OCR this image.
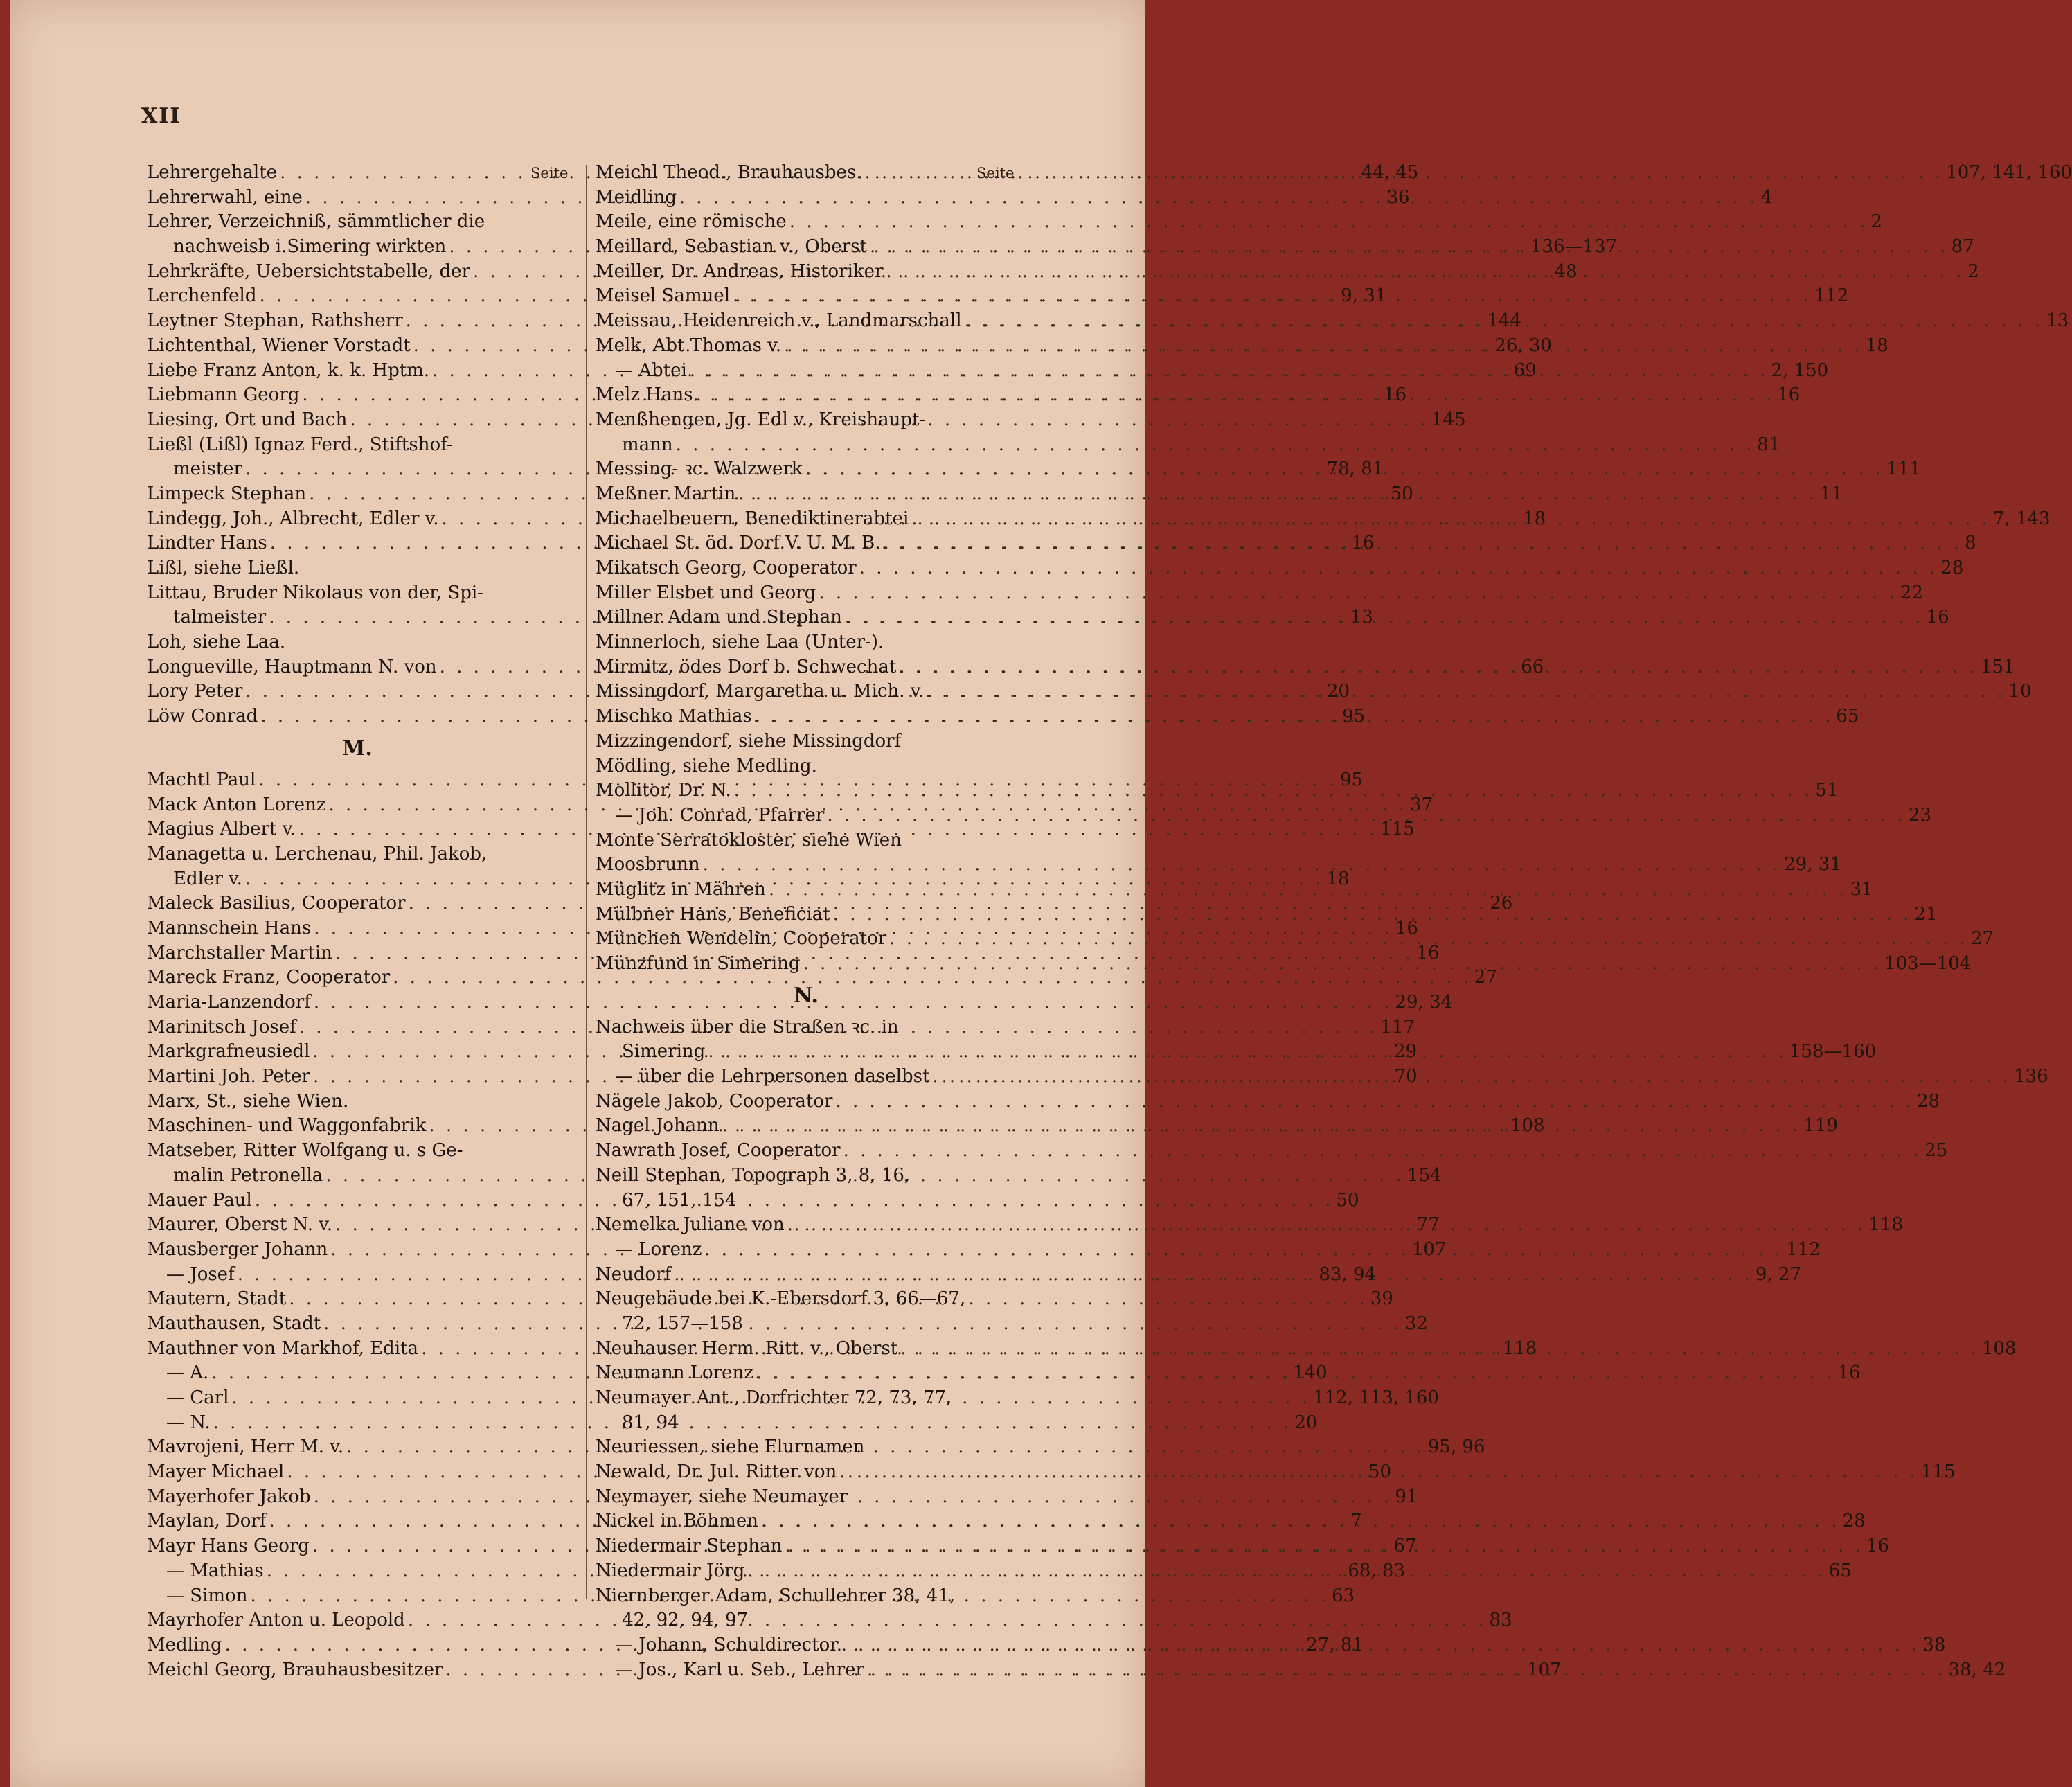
XII
Seite	Seite
Lehrergehalte . . .	44, 45
Lehrerwahl, eine . . .	36
Lehrer, Verzeichniß, sämmtlicher die
nachweisb i.Simering wirkten . . .	136—137
Lehrkräfte, Uebersichtstabelle, der . . .	48
Lerchenfeld . . .	9, 31
Leytner Stephan, Rathsherr . . .	144
Lichtenthal, Wiener Vorstadt . . .	26, 30
Liebe Franz Anton, k. k. Hptm. . . .	69
Liebmann Georg . . .	16
Liesing, Ort und Bach . . .	145
Ließl (Lißl) Ignaz Ferd., Stiftshof-
meister . . .	78, 81
Limpeck Stephan . . .	50
Lindegg, Joh., Albrecht, Edler v. . . .	18
Lindter Hans . . .	16
Lißl, siehe Ließl.
Littau, Bruder Nikolaus von der, Spi-
talmeister . . .	13
Loh, siehe Laa.
Longueville, Hauptmann N. von . . .	66
Lory Peter . . .	20
Löw Conrad . . .	95
M.
Machtl Paul . . .	95
Mack Anton Lorenz . . .	37
Magius Albert v. . . .	115
Managetta u. Lerchenau, Phil. Jakob,
Edler v. . . .	18
Maleck Basilius, Cooperator . . .	26
Mannschein Hans . . .	16
Marchstaller Martin . . .	16
Mareck Franz, Cooperator . . .	27
Maria-Lanzendorf . . .	29, 34
Marinitsch Josef . . .	117
Markgrafneusiedl . . .	29
Martini Joh. Peter . . .	70
Marx, St., siehe Wien.
Maschinen- und Waggonfabrik . . .	108
Matseber, Ritter Wolfgang u. s Ge-
malin Petronella . . .	154
Mauer Paul . . .	50
Maurer, Oberst N. v. . . .	77
Mausberger Johann . . .	107
— Josef . . .	83, 94
Mautern, Stadt . . .	39
Mauthausen, Stadt . . .	32
Mauthner von Markhof, Edita . . .	118
— A. . . .	140
— Carl . . .	112, 113, 160
— N. . . .	20
Mavrojeni, Herr M. v. . . .	95, 96
Mayer Michael . . .	50
Mayerhofer Jakob . . .	91
Maylan, Dorf . . .	7
Mayr Hans Georg . . .	67
— Mathias . . .	68, 83
— Simon . . .	63
Mayrhofer Anton u. Leopold . . .	83
Medling . . .	27, 81
Meichl Georg, Brauhausbesitzer . . .	107
Meichl Theod., Brauhausbes. . . .	107, 141, 160
Meidling . . .	4
Meile, eine römische . . .	2
Meillard, Sebastian v., Oberst . . .	87
Meiller, Dr. Andreas, Historiker . . .	2
Meisel Samuel . . .	112
Meissau, Heidenreich v., Landmarschall . . .	13
Melk, Abt Thomas v. . . .	18
— Abtei . . .	2, 150
Melz Hans . . .	16
Menßhengen, Jg. Edl v., Kreishaupt-
mann . . .	81
Messing- ꝛc. Walzwerk . . .	111
Meßner Martin . . .	11
Michaelbeuern, Benediktinerabtei . . .	7, 143
Michael St. öd. Dorf V. U. M. B. . . .	8
Mikatsch Georg, Cooperator . . .	28
Miller Elsbet und Georg . . .	22
Millner Adam und Stephan . . .	16
Minnerloch, siehe Laa (Unter-).
Mirmitz, ödes Dorf b. Schwechat . . .	151
Missingdorf, Margaretha u. Mich. v. . . .	10
Mischko Mathias . . .	65
Mizzingendorf, siehe Missingdorf
Mödling, siehe Medling.
Mollitor, Dr. N. . . .	51
— Joh. Conrad, Pfarrer . . .	23
Monte Serratokloster, siehe Wien
Moosbrunn . . .	29, 31
Müglitz in Mähren . . .	31
Mülbner Hans, Beneficiat . . .	21
München Wendelin, Cooperator . . .	27
Münzfund in Simering . . .	103—104
N.
Nachweis über die Straßen ꝛc. in
Simering . . .	158—160
— über die Lehrpersonen daselbst . . .	136
Nägele Jakob, Cooperator . . .	28
Nagel Johann . . .	119
Nawrath Josef, Cooperator . . .	25
Neill Stephan, Topograph 3, 8, 16,
67, 151, 154
Nemelka Juliane von . . .	118
— Lorenz . . .	112
Neudorf . . .	9, 27
Neugebäude bei K.-Ebersdorf 3, 66—67,
72, 157—158
Neuhauser Herm. Ritt. v., Oberst . . .	108
Neumann Lorenz . . .	16
Neumayer Ant., Dorfrichter 72, 73, 77,
81, 94
Neuriessen, siehe Flurnamen
Newald, Dr. Jul. Ritter von . . .	115
Neymayer, siehe Neumayer
Nickel in Böhmen . . .	28
Niedermair Stephan . . .	16
Niedermair Jörg . . .	65
Niernberger Adam, Schullehrer 38, 41,
42, 92, 94, 97
— Johann, Schuldirector . . .	38
— Jos., Karl u. Seb., Lehrer . . .	38, 42
